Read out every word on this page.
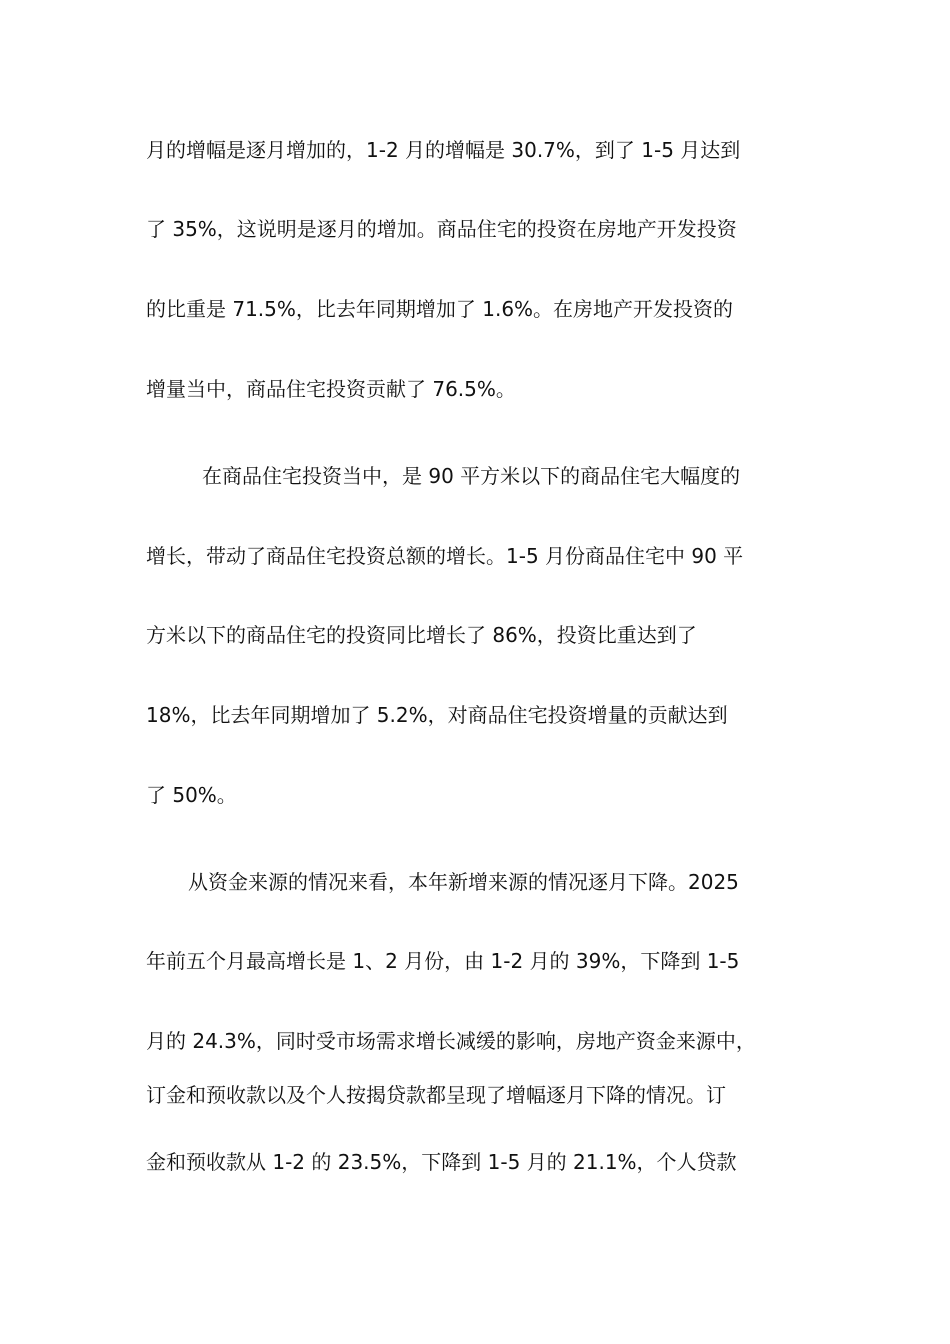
月的增幅是逐月增加的，1-2 月的增幅是 30.7%，到了 1-5 月达到
了 35%，这说明是逐月的增加。商品住宅的投资在房地产开发投资
的比重是 71.5%，比去年同期增加了 1.6%。在房地产开发投资的
增量当中，商品住宅投资贡献了 76.5%。
在商品住宅投资当中，是 90 平方米以下的商品住宅大幅度的
增长，带动了商品住宅投资总额的增长。1-5 月份商品住宅中 90 平
方米以下的商品住宅的投资同比增长了 86%，投资比重达到了
18%，比去年同期增加了 5.2%，对商品住宅投资增量的贡献达到
了 50%。
从资金来源的情况来看，本年新增来源的情况逐月下降。2025
年前五个月最高增长是 1、2 月份，由 1-2 月的 39%，下降到 1-5
月的 24.3%，同时受市场需求增长减缓的影响，房地产资金来源中，
订金和预收款以及个人按揭贷款都呈现了增幅逐月下降的情况。订
金和预收款从 1-2 的 23.5%，下降到 1-5 月的 21.1%，个人贷款
